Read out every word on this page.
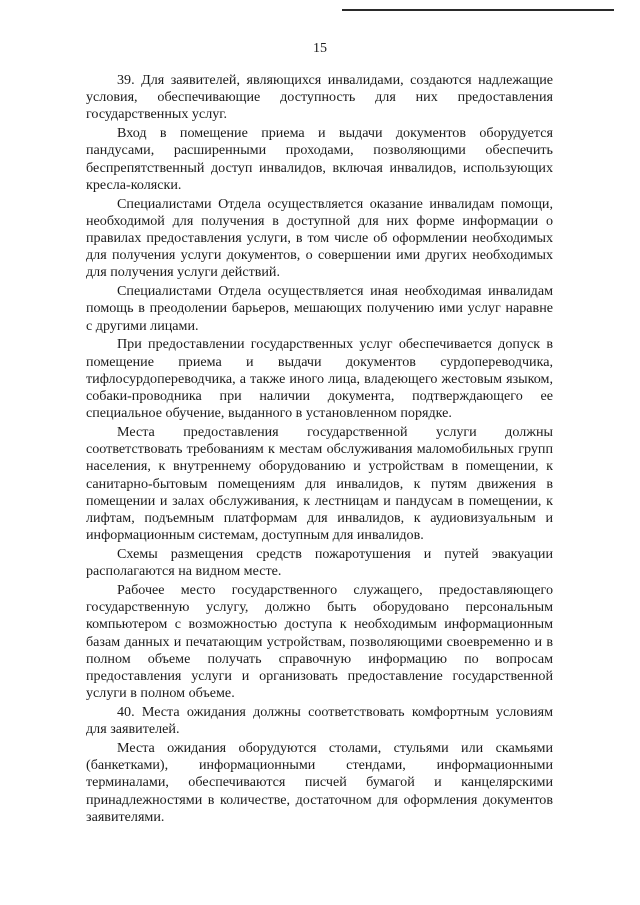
15

39. Для заявителей, являющихся инвалидами, создаются надлежащие условия, обеспечивающие доступность для них предоставления государственных услуг.

Вход в помещение приема и выдачи документов оборудуется пандусами, расширенными проходами, позволяющими обеспечить беспрепятственный доступ инвалидов, включая инвалидов, использующих кресла-коляски.

Специалистами Отдела осуществляется оказание инвалидам помощи, необходимой для получения в доступной для них форме информации о правилах предоставления услуги, в том числе об оформлении необходимых для получения услуги документов, о совершении ими других необходимых для получения услуги действий.

Специалистами Отдела осуществляется иная необходимая инвалидам помощь в преодолении барьеров, мешающих получению ими услуг наравне с другими лицами.

При предоставлении государственных услуг обеспечивается допуск в помещение приема и выдачи документов сурдопереводчика, тифлосурдопереводчика, а также иного лица, владеющего жестовым языком, собаки-проводника при наличии документа, подтверждающего ее специальное обучение, выданного в установленном порядке.

Места предоставления государственной услуги должны соответствовать требованиям к местам обслуживания маломобильных групп населения, к внутреннему оборудованию и устройствам в помещении, к санитарно-бытовым помещениям для инвалидов, к путям движения в помещении и залах обслуживания, к лестницам и пандусам в помещении, к лифтам, подъемным платформам для инвалидов, к аудиовизуальным и информационным системам, доступным для инвалидов.

Схемы размещения средств пожаротушения и путей эвакуации располагаются на видном месте.

Рабочее место государственного служащего, предоставляющего государственную услугу, должно быть оборудовано персональным компьютером с возможностью доступа к необходимым информационным базам данных и печатающим устройствам, позволяющими своевременно и в полном объеме получать справочную информацию по вопросам предоставления услуги и организовать предоставление государственной услуги в полном объеме.

40. Места ожидания должны соответствовать комфортным условиям для заявителей.

Места ожидания оборудуются столами, стульями или скамьями (банкетками), информационными стендами, информационными терминалами, обеспечиваются писчей бумагой и канцелярскими принадлежностями в количестве, достаточном для оформления документов заявителями.
